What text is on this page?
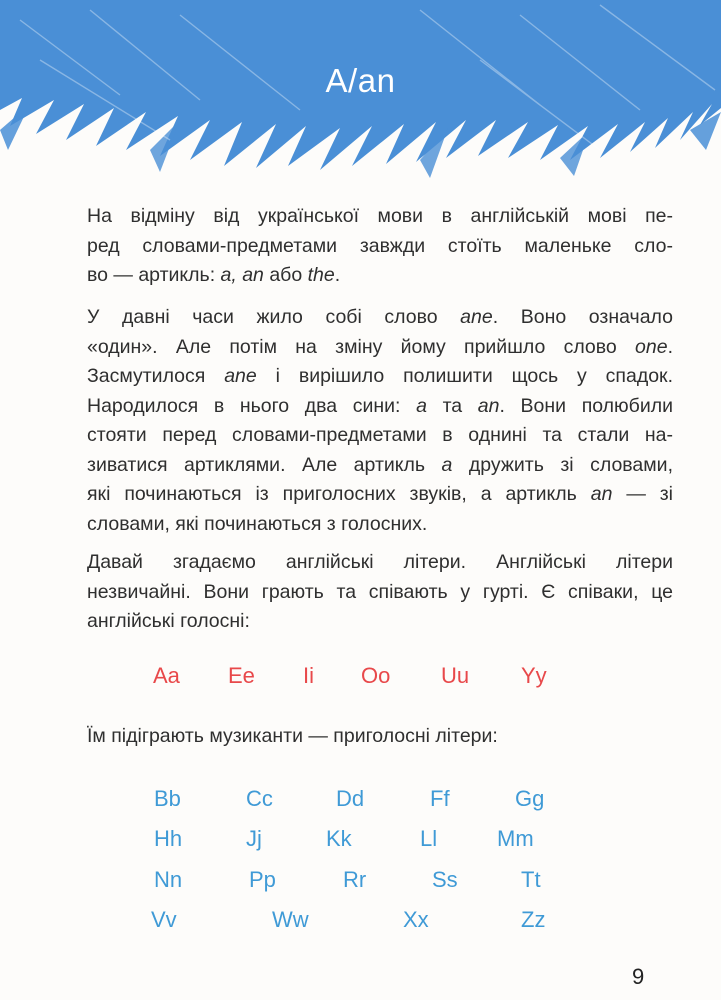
A/an
На відміну від української мови в англійській мові пе-
ред словами-предметами завжди стоїть маленьке сло-
во — артикль: a, an або the.
У давні часи жило собі слово ane. Воно означало
«один». Але потім на зміну йому прийшло слово one.
Засмутилося ane і вирішило полишити щось у спадок.
Народилося в нього два сини: a та an. Вони полюбили
стояти перед словами-предметами в однині та стали на-
зиватися артиклями. Але артикль a дружить зі словами,
які починаються із приголосних звуків, а артикль an — зі
словами, які починаються з голосних.
Давай згадаємо англійські літери. Англійські літери
незвичайні. Вони грають та співають у гурті. Є співаки, це
англійські голосні:
Aa Ee Ii Oo Uu Yy
Їм підіграють музиканти — приголосні літери:
Bb	Cc	Dd	Ff	Gg
Hh	Jj	Kk	Ll	Mm
Nn	Pp	Rr	Ss	Tt
Vv	Ww	Xx	Zz
9
